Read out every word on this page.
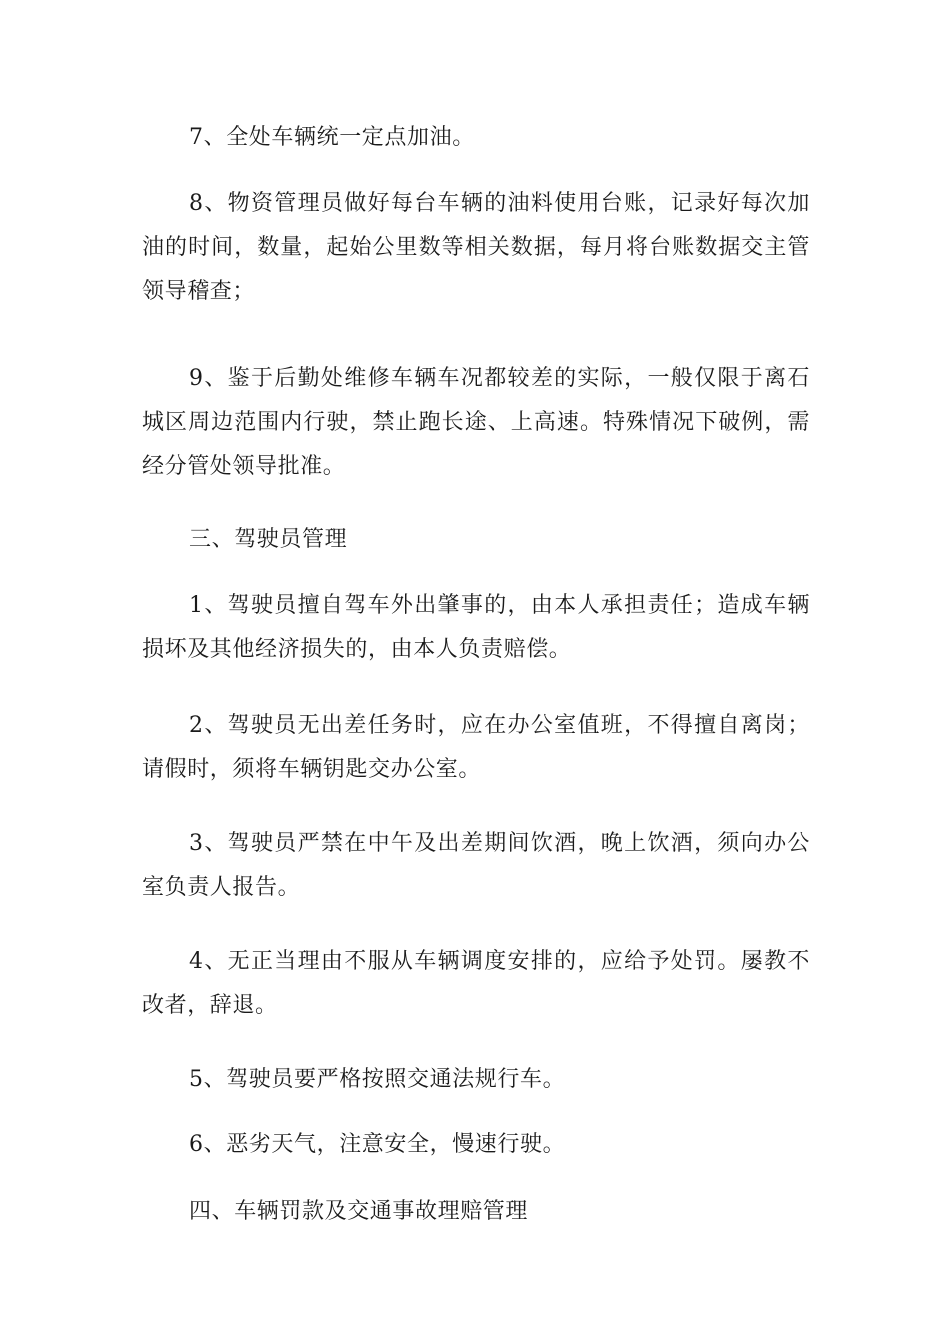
7、全处车辆统一定点加油。

8、物资管理员做好每台车辆的油料使用台账，记录好每次加油的时间，数量，起始公里数等相关数据，每月将台账数据交主管领导稽查；

9、鉴于后勤处维修车辆车况都较差的实际，一般仅限于离石城区周边范围内行驶，禁止跑长途、上高速。特殊情况下破例，需经分管处领导批准。

三、驾驶员管理

1、驾驶员擅自驾车外出肇事的，由本人承担责任；造成车辆损坏及其他经济损失的，由本人负责赔偿。

2、驾驶员无出差任务时，应在办公室值班，不得擅自离岗；请假时，须将车辆钥匙交办公室。

3、驾驶员严禁在中午及出差期间饮酒，晚上饮酒，须向办公室负责人报告。

4、无正当理由不服从车辆调度安排的，应给予处罚。屡教不改者，辞退。

5、驾驶员要严格按照交通法规行车。

6、恶劣天气，注意安全，慢速行驶。

四、车辆罚款及交通事故理赔管理
